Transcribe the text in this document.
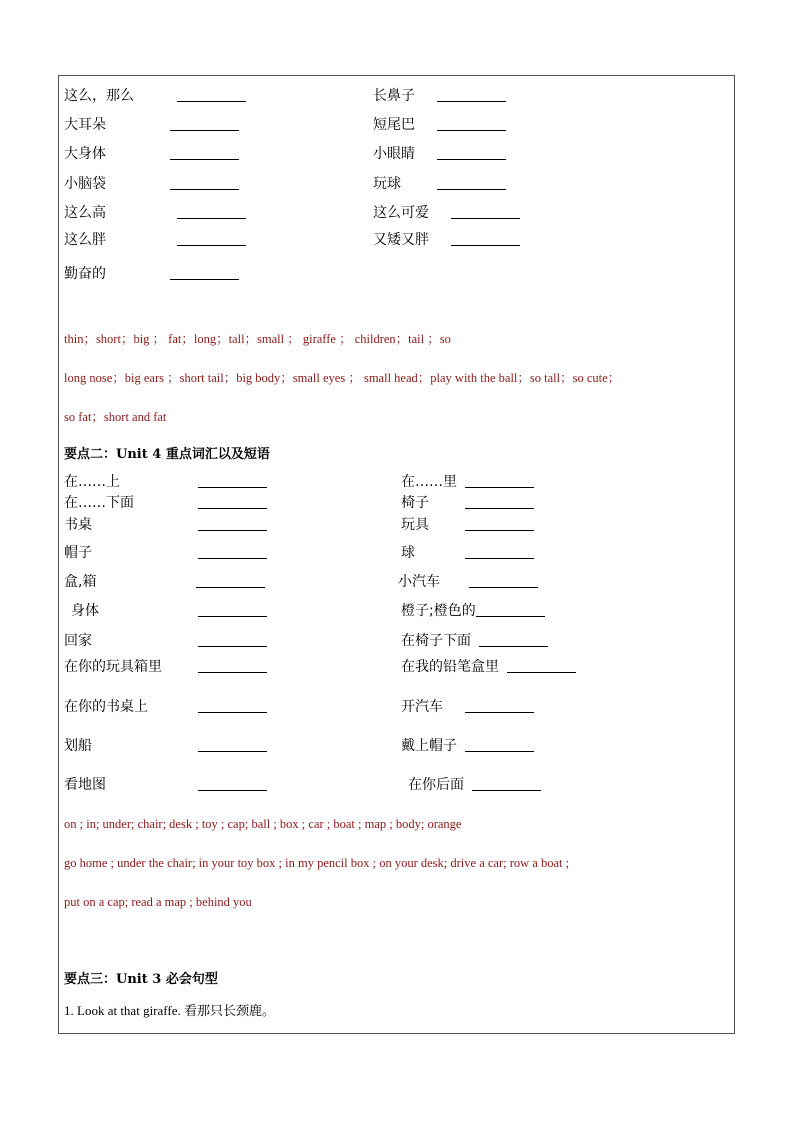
这么，那么	长鼻子
大耳朵	短尾巴
大身体	小眼睛
小脑袋	玩球
这么高	这么可爱
这么胖	又矮又胖
勤奋的
thin；short；big ； fat；long；tall；small ； giraffe ； children；tail ；so
long nose；big ears ；short tail；big body；small eyes ； small head；play with the ball；so tall；so cute；
so fat；short and fat
要点二：Unit 4 重点词汇以及短语
在……上	在……里
在……下面	椅子
书桌	玩具
帽子	球
盒,箱	小汽车
身体	橙子;橙色的
回家	在椅子下面
在你的玩具箱里	在我的铅笔盒里
在你的书桌上	开汽车
划船	戴上帽子
看地图	在你后面
on ; in; under; chair; desk ; toy ; cap; ball ; box ; car ; boat ; map ; body; orange
go home ; under the chair; in your toy box ; in my pencil box ; on your desk; drive a car; row a boat ;
put on a cap; read a map ; behind you
要点三：Unit 3 必会句型
1. Look at that giraffe. 看那只长颈鹿。
